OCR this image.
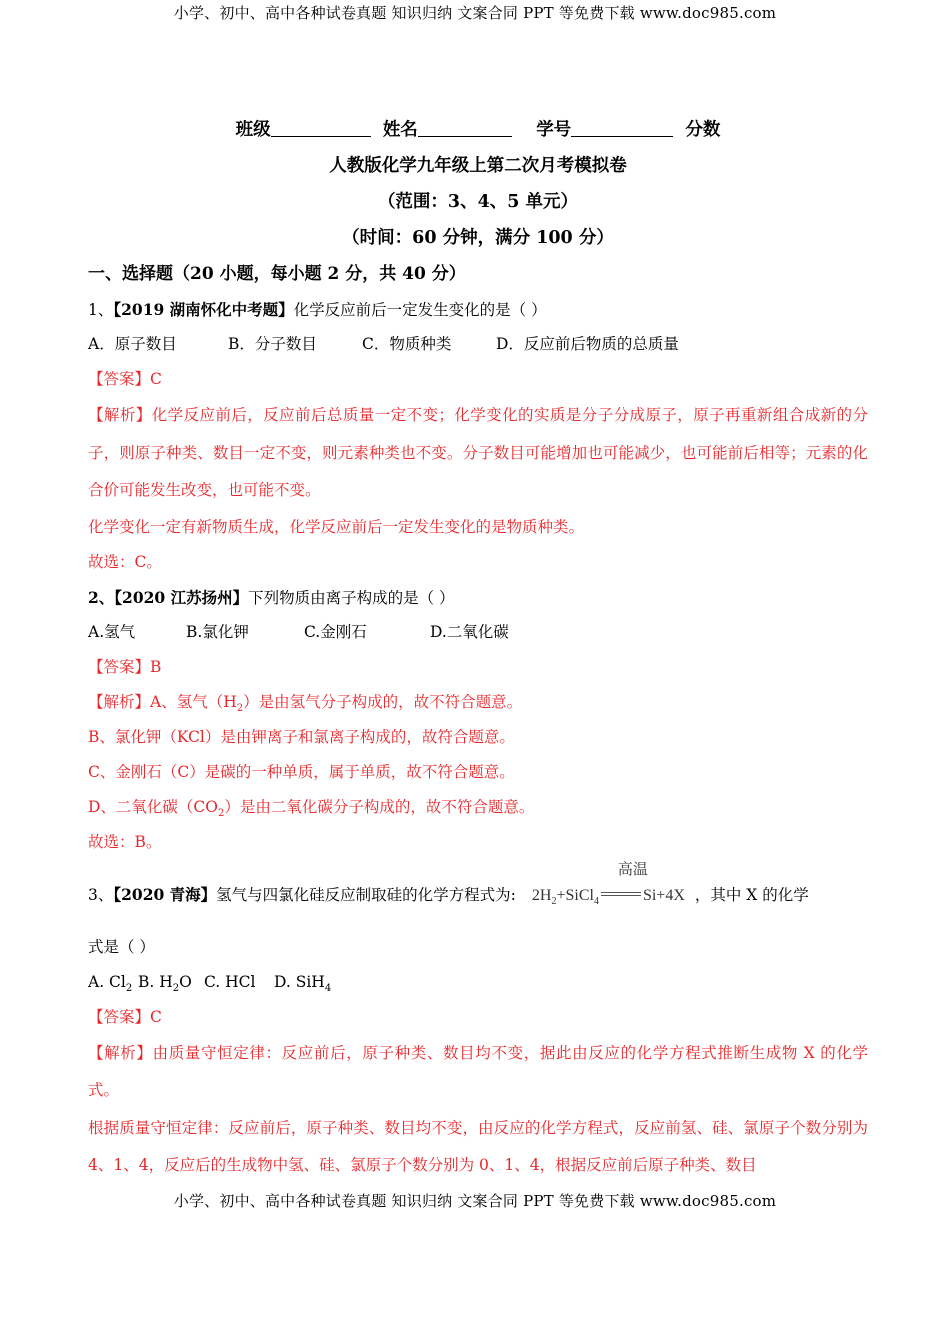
小学、初中、高中各种试卷真题 知识归纳 文案合同 PPT 等免费下载 www.doc985.com
班级	姓名	学号	分数
人教版化学九年级上第二次月考模拟卷
（范围：3、4、5 单元）
（时间：60 分钟，满分 100 分）
一、选择题（20 小题，每小题 2 分，共 40 分）
1、【2019 湖南怀化中考题】化学反应前后一定发生变化的是（ ）
A．原子数目	B．分子数目	C．物质种类	D．反应前后物质的总质量
【答案】C
【解析】化学反应前后，反应前后总质量一定不变；化学变化的实质是分子分成原子，原子再重新组合成新的分子，则原子种类、数目一定不变，则元素种类也不变。分子数目可能增加也可能减少，也可能前后相等；元素的化合价可能发生改变，也可能不变。
化学变化一定有新物质生成，化学反应前后一定发生变化的是物质种类。
故选：C。
2、【2020 江苏扬州】下列物质由离子构成的是（ ）
A.氢气	B.氯化钾	C.金刚石	D.二氧化碳
【答案】B
【解析】A、氢气$(H_2)$是由氢气分子构成的，故不符合题意。
B、氯化钾（KCl）是由钾离子和氯离子构成的，故符合题意。
C、金刚石（C）是碳的一种单质，属于单质，故不符合题意。
D、二氧化碳$(CO_2)$是由二氧化碳分子构成的，故不符合题意。
故选：B。
3、【2020 青海】氢气与四氯化硅反应制取硅的化学方程式为: $2H_2+SiCl_4$
高温
Si+4X ，其中 X 的化学
式是（ ）
A. $Cl_2$ B. $H_2O$ C. HCl D. SiH$_4$
【答案】C
【解析】由质量守恒定律：反应前后，原子种类、数目均不变，据此由反应的化学方程式推断生成物 X 的化学式。
根据质量守恒定律：反应前后，原子种类、数目均不变，由反应的化学方程式，反应前氢、硅、氯原子个数分别为 4、1、4，反应后的生成物中氢、硅、氯原子个数分别为 0、1、4，根据反应前后原子种类、数目
小学、初中、高中各种试卷真题 知识归纳 文案合同 PPT 等免费下载 www.doc985.com
